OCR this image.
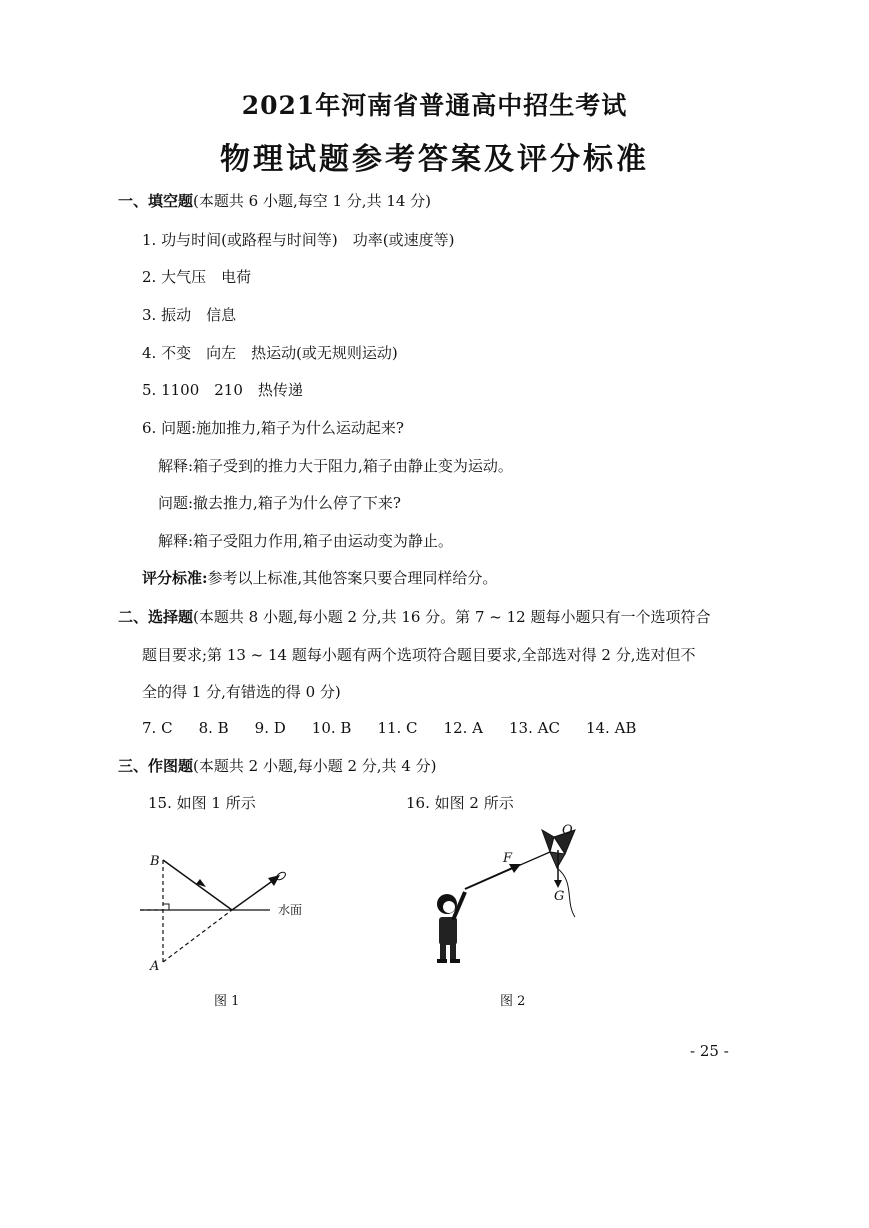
2021年河南省普通高中招生考试
物理试题参考答案及评分标准
一、填空题(本题共 6 小题,每空 1 分,共 14 分)
1. 功与时间(或路程与时间等)　功率(或速度等)
2. 大气压　电荷
3. 振动　信息
4. 不变　向左　热运动(或无规则运动)
5. 1100　210　热传递
6. 问题:施加推力,箱子为什么运动起来?
解释:箱子受到的推力大于阻力,箱子由静止变为运动。
问题:撤去推力,箱子为什么停了下来?
解释:箱子受阻力作用,箱子由运动变为静止。
评分标准:参考以上标准,其他答案只要合理同样给分。
二、选择题(本题共 8 小题,每小题 2 分,共 16 分。第 7 ~ 12 题每小题只有一个选项符合
题目要求;第 13 ~ 14 题每小题有两个选项符合题目要求,全部选对得 2 分,选对但不
全的得 1 分,有错选的得 0 分)
7. C 8. B 9. D 10. B 11. C 12. A 13. AC 14. AB
三、作图题(本题共 2 小题,每小题 2 分,共 4 分)
15. 如图 1 所示	16. 如图 2 所示
B
A
水面
图 1
F
O
G
图 2
- 25 -
